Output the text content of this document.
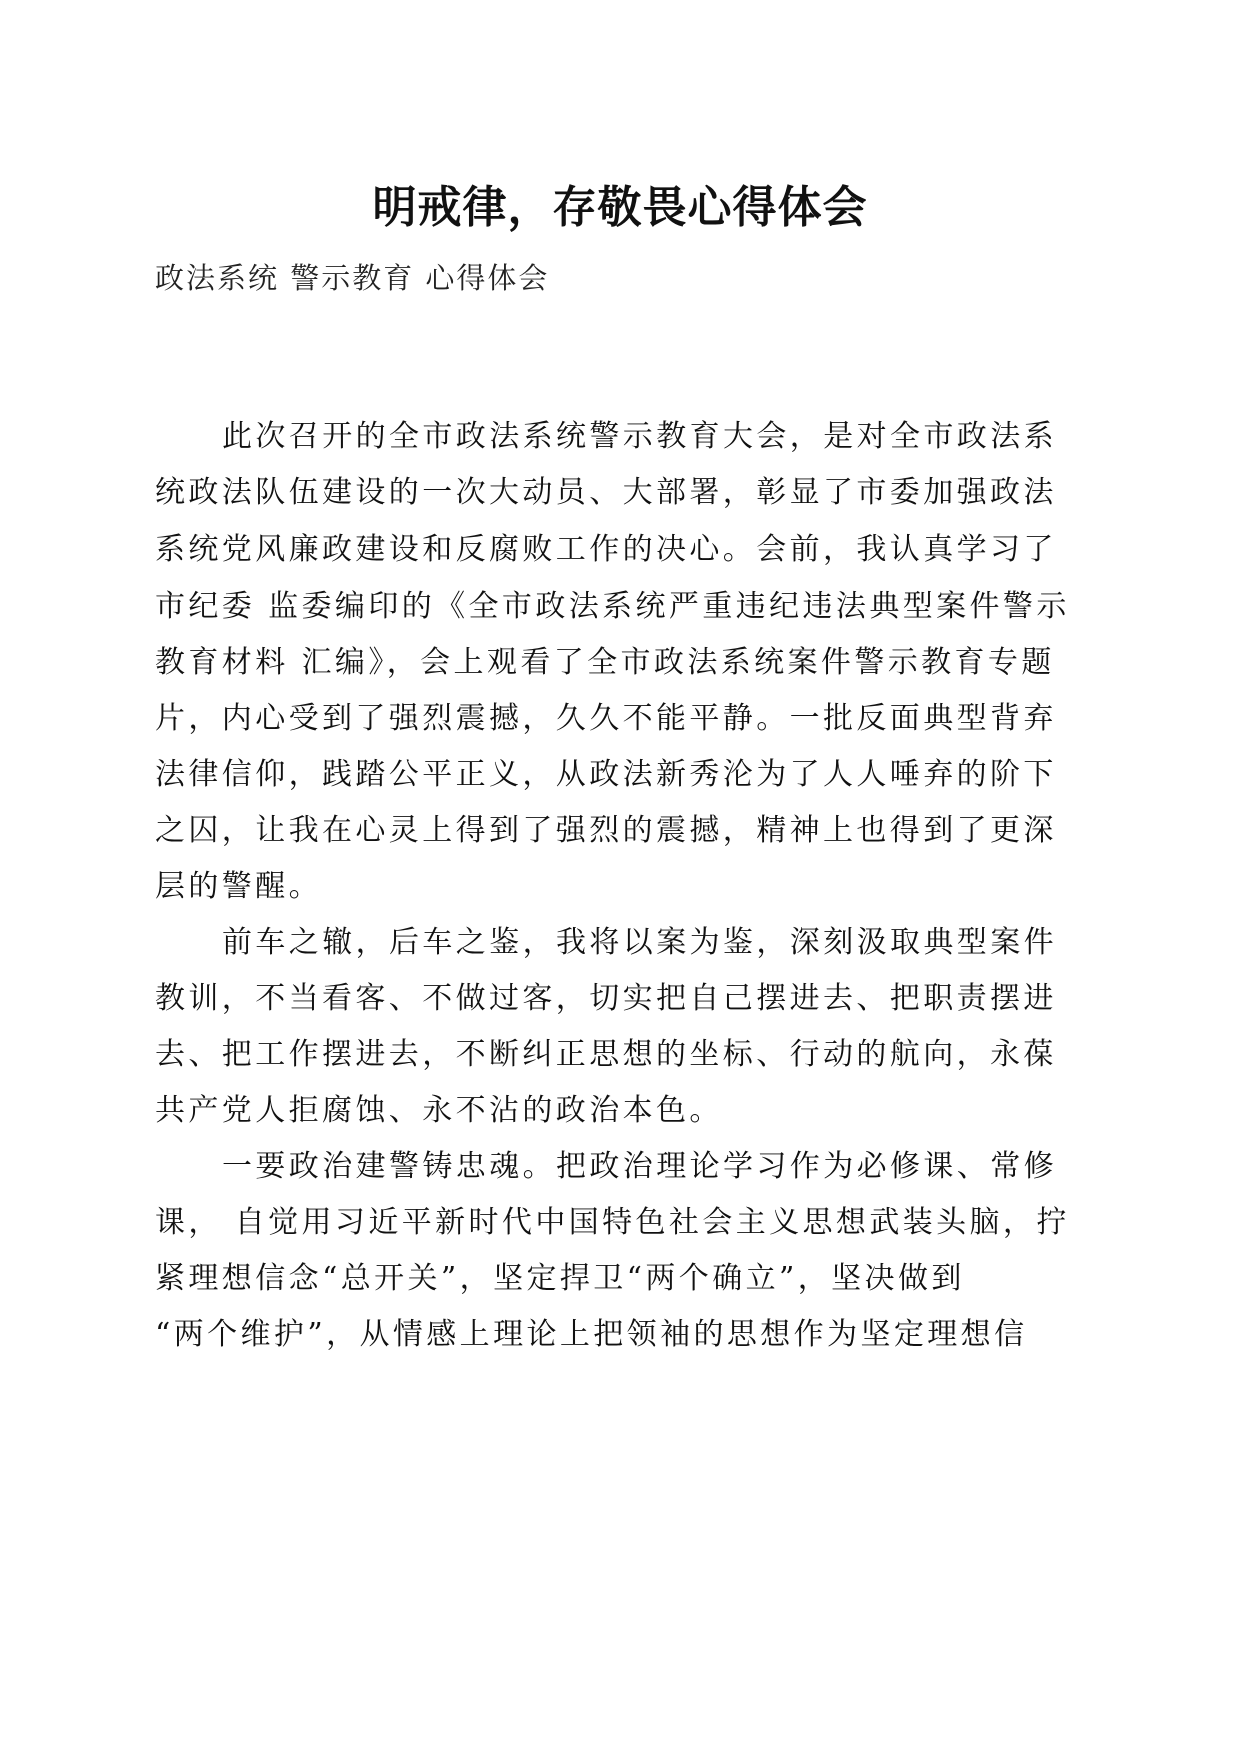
明戒律，存敬畏心得体会
政法系统 警示教育 心得体会
此次召开的全市政法系统警示教育大会，是对全市政法系
统政法队伍建设的一次大动员、大部署，彰显了市委加强政法
系统党风廉政建设和反腐败工作的决心。会前，我认真学习了
市纪委 监委编印的《全市政法系统严重违纪违法典型案件警示
教育材料 汇编》，会上观看了全市政法系统案件警示教育专题
片，内心受到了强烈震撼，久久不能平静。一批反面典型背弃
法律信仰，践踏公平正义，从政法新秀沦为了人人唾弃的阶下
之囚，让我在心灵上得到了强烈的震撼，精神上也得到了更深
层的警醒。
前车之辙，后车之鉴，我将以案为鉴，深刻汲取典型案件
教训，不当看客、不做过客，切实把自己摆进去、把职责摆进
去、把工作摆进去，不断纠正思想的坐标、行动的航向，永葆
共产党人拒腐蚀、永不沾的政治本色。
一要政治建警铸忠魂。把政治理论学习作为必修课、常修
课， 自觉用习近平新时代中国特色社会主义思想武装头脑，拧
紧理想信念“总开关”，坚定捍卫“两个确立”，坚决做到
“两个维护”，从情感上理论上把领袖的思想作为坚定理想信
